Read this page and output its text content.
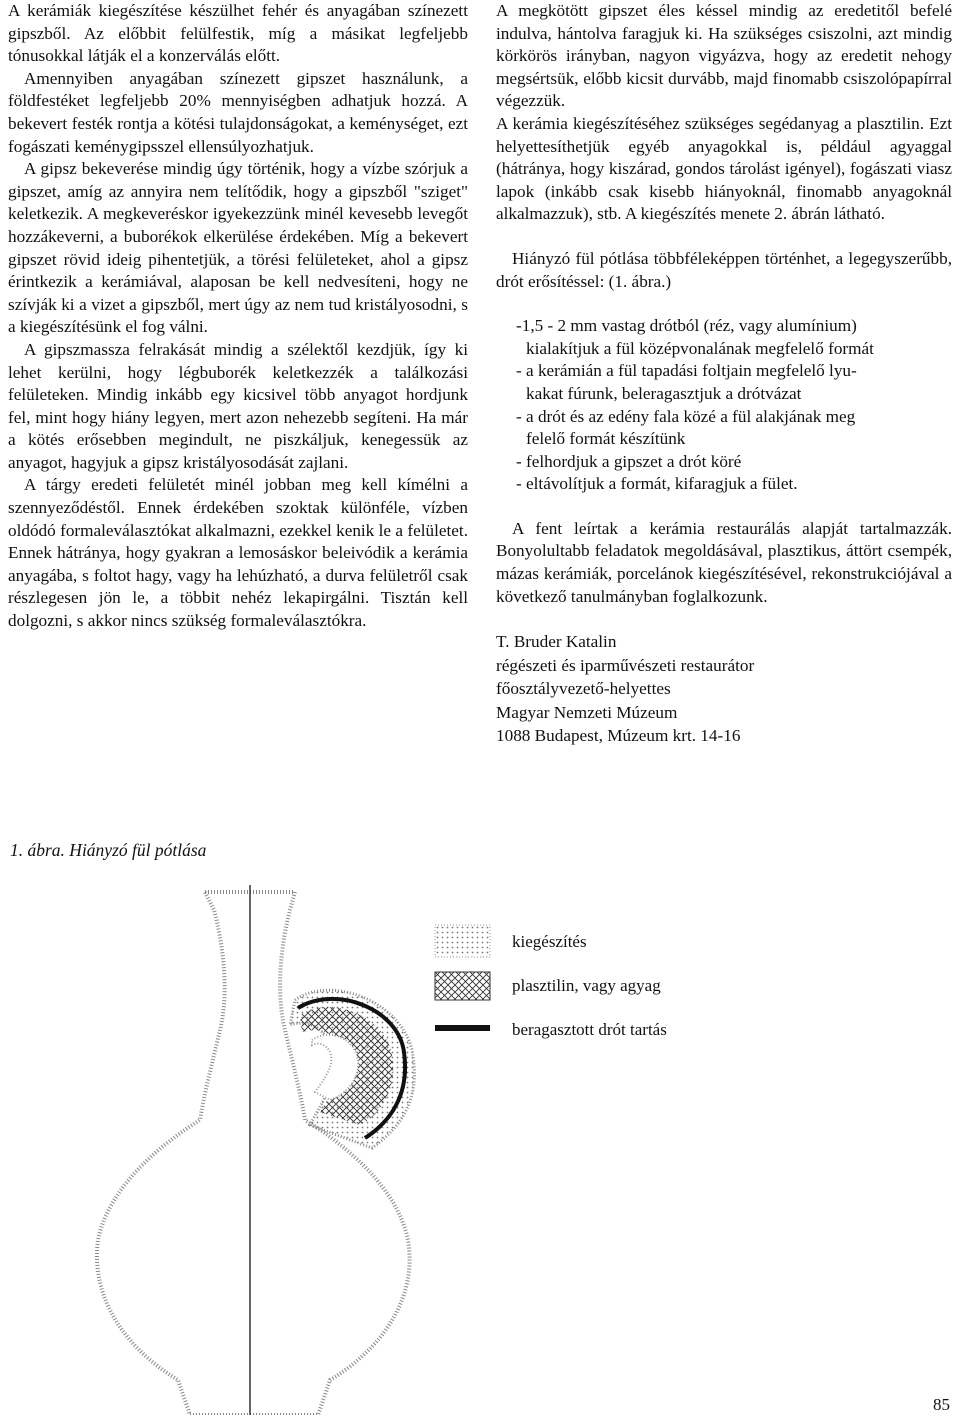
A kerámiák kiegészítése készülhet fehér és anyagában színezett gipszből. Az előbbit felülfestik, míg a másikat legfeljebb tónusokkal látják el a konzerválás előtt.

Amennyiben anyagában színezett gipszet használunk, a földfestéket legfeljebb 20% mennyiségben adhatjuk hozzá. A bekevert festék rontja a kötési tulajdonságokat, a keménységet, ezt fogászati keménygipsszel ellensúlyozhatjuk.

A gipsz bekeverése mindig úgy történik, hogy a vízbe szórjuk a gipszet, amíg az annyira nem telítődik, hogy a gipszből "sziget" keletkezik. A megkeveréskor igyekezzünk minél kevesebb levegőt hozzákeverni, a buborékok elkerülése érdekében. Míg a bekevert gipszet rövid ideig pihentetjük, a törési felületeket, ahol a gipsz érintkezik a kerámiával, alaposan be kell nedvesíteni, hogy ne szívják ki a vizet a gipszből, mert úgy az nem tud kristályosodni, s a kiegészítésünk el fog válni.

A gipszmassza felrakását mindig a szélektől kezdjük, így ki lehet kerülni, hogy légbuborék keletkezzék a találkozási felületeken. Mindig inkább egy kicsivel több anyagot hordjunk fel, mint hogy hiány legyen, mert azon nehezebb segíteni. Ha már a kötés erősebben megindult, ne piszkáljuk, kenegessük az anyagot, hagyjuk a gipsz kristályosodását zajlani.

A tárgy eredeti felületét minél jobban meg kell kímélni a szennyeződéstől. Ennek érdekében szoktak különféle, vízben oldódó formaleválasztókat alkalmazni, ezekkel kenik le a felületet. Ennek hátránya, hogy gyakran a lemosáskor beleivódik a kerámia anyagába, s foltot hagy, vagy ha lehúzható, a durva felületről csak részlegesen jön le, a többit nehéz lekapirgálni. Tisztán kell dolgozni, s akkor nincs szükség formaleválasztókra.

A megkötött gipszet éles késsel mindig az eredetitől befelé indulva, hántolva faragjuk ki. Ha szükséges csiszolni, azt mindig körkörös irányban, nagyon vigyázva, hogy az eredetit nehogy megsértsük, előbb kicsit durvább, majd finomabb csiszolópapírral végezzük.

A kerámia kiegészítéséhez szükséges segédanyag a plasztilin. Ezt helyettesíthetjük egyéb anyagokkal is, például agyaggal (hátránya, hogy kiszárad, gondos tárolást igényel), fogászati viasz lapok (inkább csak kisebb hiányoknál, finomabb anyagoknál alkalmazzuk), stb. A kiegészítés menete 2. ábrán látható.

Hiányzó fül pótlása többféleképpen történhet, a legegyszerűbb, drót erősítéssel: (1. ábra.)

-1,5 - 2 mm vastag drótból (réz, vagy alumínium)
kialakítjuk a fül középvonalának megfelelő formát
- a kerámián a fül tapadási foltjain megfelelő lyu-
kakat fúrunk, beleragasztjuk a drótvázat
- a drót és az edény fala közé a fül alakjának meg
felelő formát készítünk
- felhordjuk a gipszet a drót köré
- eltávolítjuk a formát, kifaragjuk a fület.

A fent leírtak a kerámia restaurálás alapját tartalmazzák. Bonyolultabb feladatok megoldásával, plasztikus, áttört csempék, mázas kerámiák, porcelánok kiegészítésével, rekonstrukciójával a következő tanulmányban foglalkozunk.

T. Bruder Katalin
régészeti és iparművészeti restaurátor
főosztályvezető-helyettes
Magyar Nemzeti Múzeum
1088 Budapest, Múzeum krt. 14-16
1. ábra. Hiányzó fül pótlása
kiegészítés
plasztilin, vagy agyag
beragasztott drót tartás
85
